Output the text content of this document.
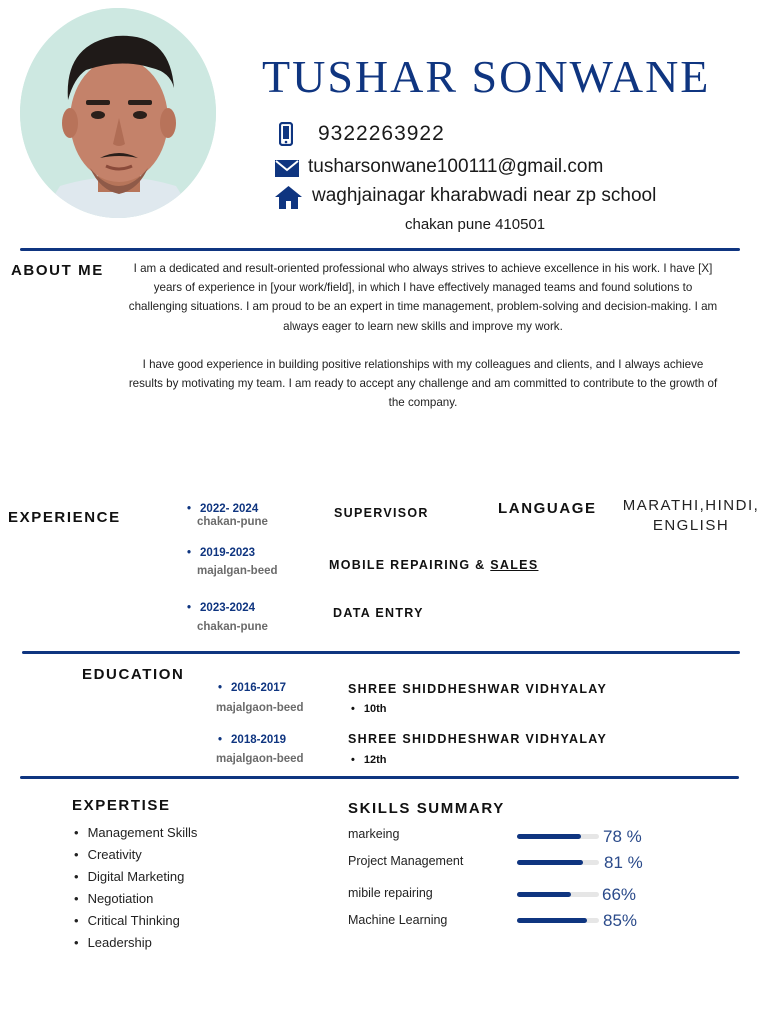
TUSHAR SONWANE
9322263922
tusharsonwane100111@gmail.com
waghjainagar kharabwadi near zp school
chakan pune 410501
ABOUT ME	I am a dedicated and result-oriented professional who always strives to achieve excellence in his work. I have [X] years of experience in [your work/field], in which I have effectively managed teams and found solutions to challenging situations. I am proud to be an expert in time management, problem-solving and decision-making. I am always eager to learn new skills and improve my work.
I have good experience in building positive relationships with my colleagues and clients, and I always achieve results by motivating my team. I am ready to accept any challenge and am committed to contribute to the growth of the company.
EXPERIENCE
•	2022- 2024
chakan-pune
SUPERVISOR
• 2019-2023
majalgan-beed	MOBILE REPAIRING & SALES
• 2023-2024
chakan-pune
DATA ENTRY
LANGUAGE	MARATHI,HINDI,
ENGLISH
EDUCATION
• 2016-2017
majalgaon-beed
SHREE SHIDDHESHWAR VIDHYALAY
• 10th
• 2018-2019
majalgaon-beed
SHREE SHIDDHESHWAR VIDHYALAY
• 12th
EXPERTISE
• Management Skills
• Creativity
• Digital Marketing
• Negotiation
• Critical Thinking
• Leadership
SKILLS SUMMARY
markeing	78 %
Project Management	81 %
mibile repairing	66%
Machine Learning	85%
